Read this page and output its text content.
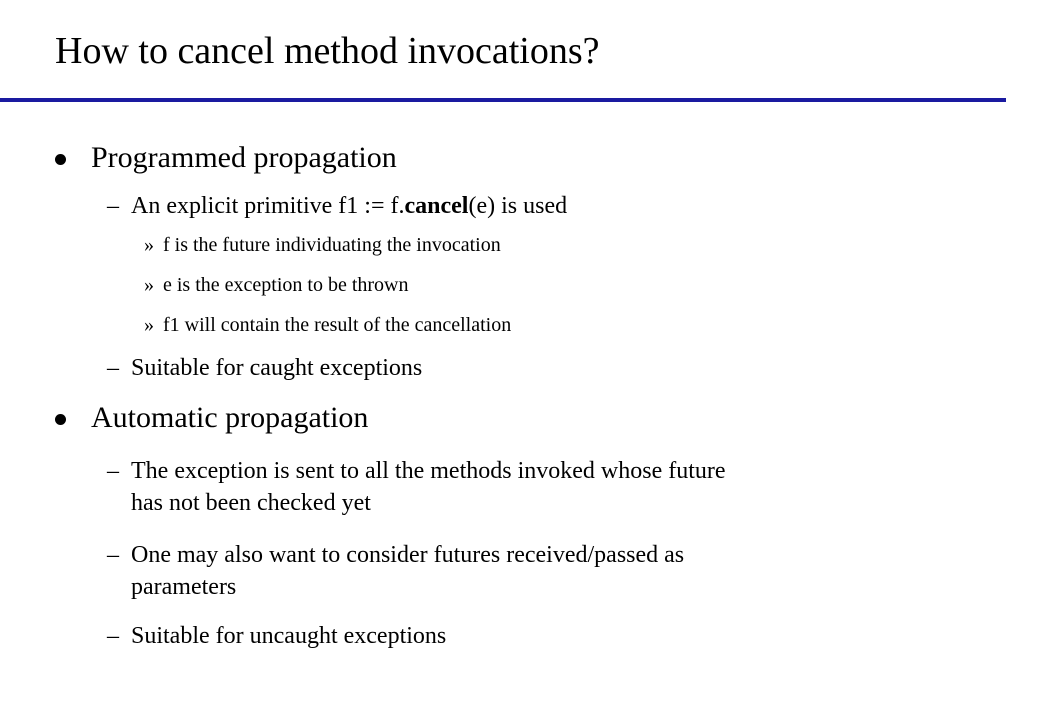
How to cancel method invocations?
Programmed propagation
– An explicit primitive f1 := f.cancel(e) is used
» f is the future individuating the invocation
» e is the exception to be thrown
» f1 will contain the result of the cancellation
– Suitable for caught exceptions
Automatic propagation
– The exception is sent to all the methods invoked whose future
has not been checked yet
– One may also want to consider futures received/passed as
parameters
– Suitable for uncaught exceptions
